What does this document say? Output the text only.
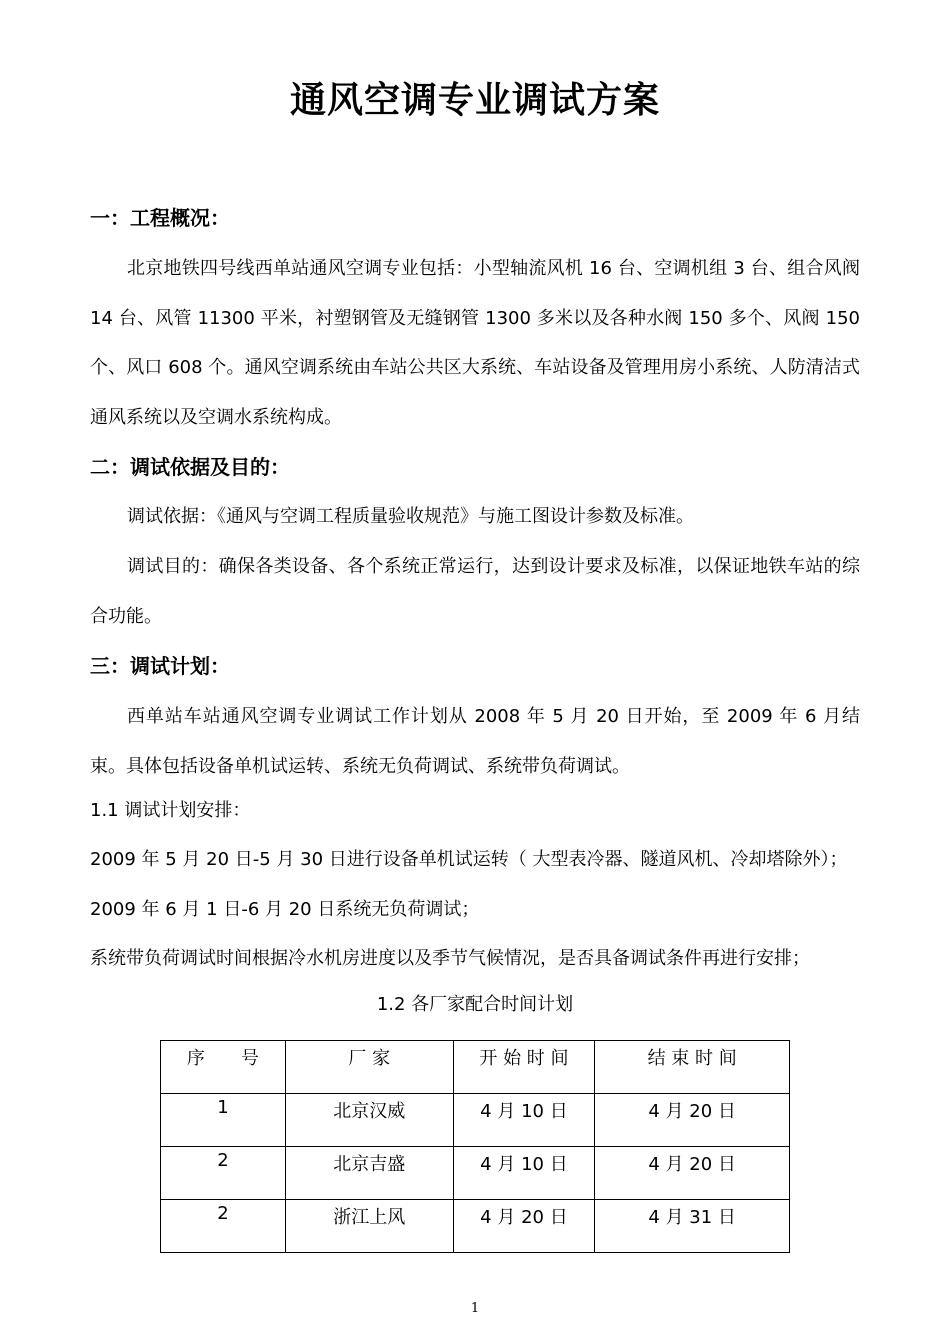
通风空调专业调试方案
一：工程概况：

北京地铁四号线西单站通风空调专业包括：小型轴流风机 16 台、空调机组 3 台、组合风阀 14 台、风管 11300 平米，衬塑钢管及无缝钢管 1300 多米以及各种水阀 150 多个、风阀 150 个、风口 608 个。通风空调系统由车站公共区大系统、车站设备及管理用房小系统、人防清洁式通风系统以及空调水系统构成。

二：调试依据及目的：

调试依据：《通风与空调工程质量验收规范》与施工图设计参数及标准。

调试目的：确保各类设备、各个系统正常运行，达到设计要求及标准，以保证地铁车站的综合功能。

三：调试计划：

西单站车站通风空调专业调试工作计划从 2008 年 5 月 20 日开始，至 2009 年 6 月结束。具体包括设备单机试运转、系统无负荷调试、系统带负荷调试。

1.1 调试计划安排：
2009 年 5 月 20 日-5 月 30 日进行设备单机试运转（ 大型表冷器、隧道风机、冷却塔除外）；
2009 年 6 月 1 日-6 月 20 日系统无负荷调试；
系统带负荷调试时间根据冷水机房进度以及季节气候情况，是否具备调试条件再进行安排；
1.2 各厂家配合时间计划
序　　号	厂 家	开 始 时 间	结 束 时 间
1	北京汉威	4 月 10 日	4 月 20 日
2	北京吉盛	4 月 10 日	4 月 20 日
2	浙江上风	4 月 20 日	4 月 31 日
1
